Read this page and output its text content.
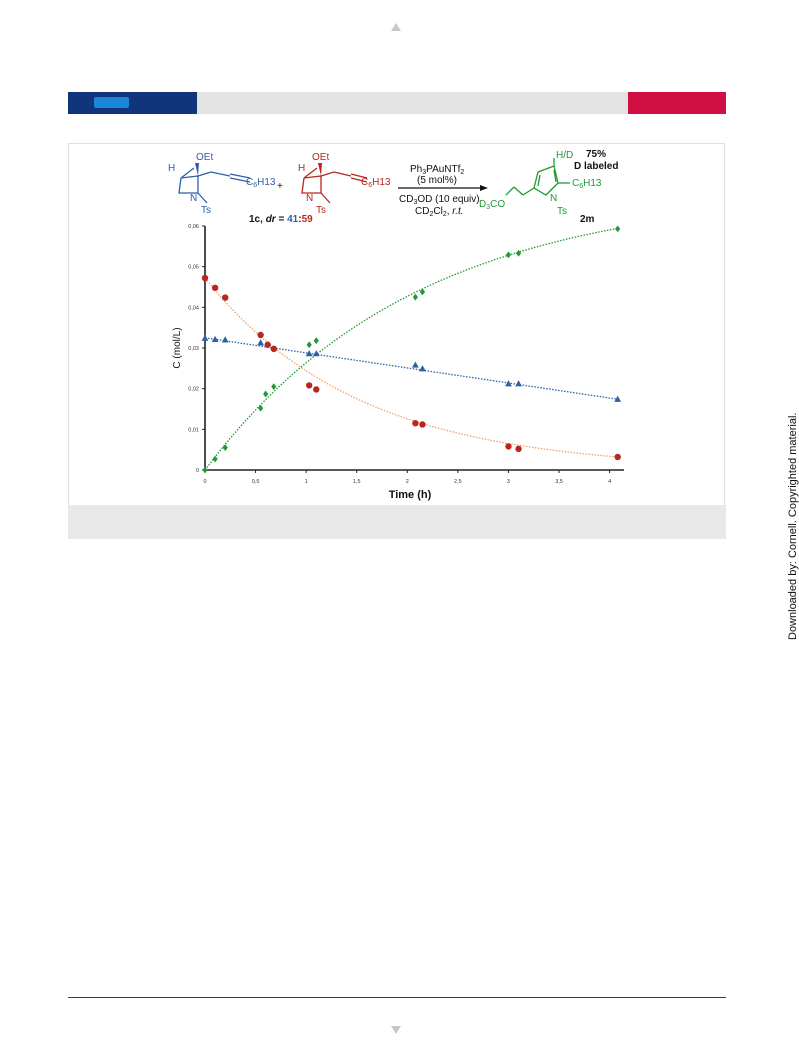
OEt
H
$C_6H13$
N
Ts
+
OEt
H
$C_6H13$
N
Ts
1c, dr = 41:59
$Ph_3PAuNTf_2$
(5 mol%)
$CD_3OD$ (10 equiv)
$CD_2Cl_2$, r.t.
H/D 75%
D labeled
$C_6H13$
$D_3CO$
N
Ts
2m
0
0,01
0,02
0,03
0,04
0,05
0,06
0	0,5	1	1,5	2	2,5	3	3,5	4
Time (h)
C (mol/L)
Downloaded by: Cornell. Copyrighted material.
